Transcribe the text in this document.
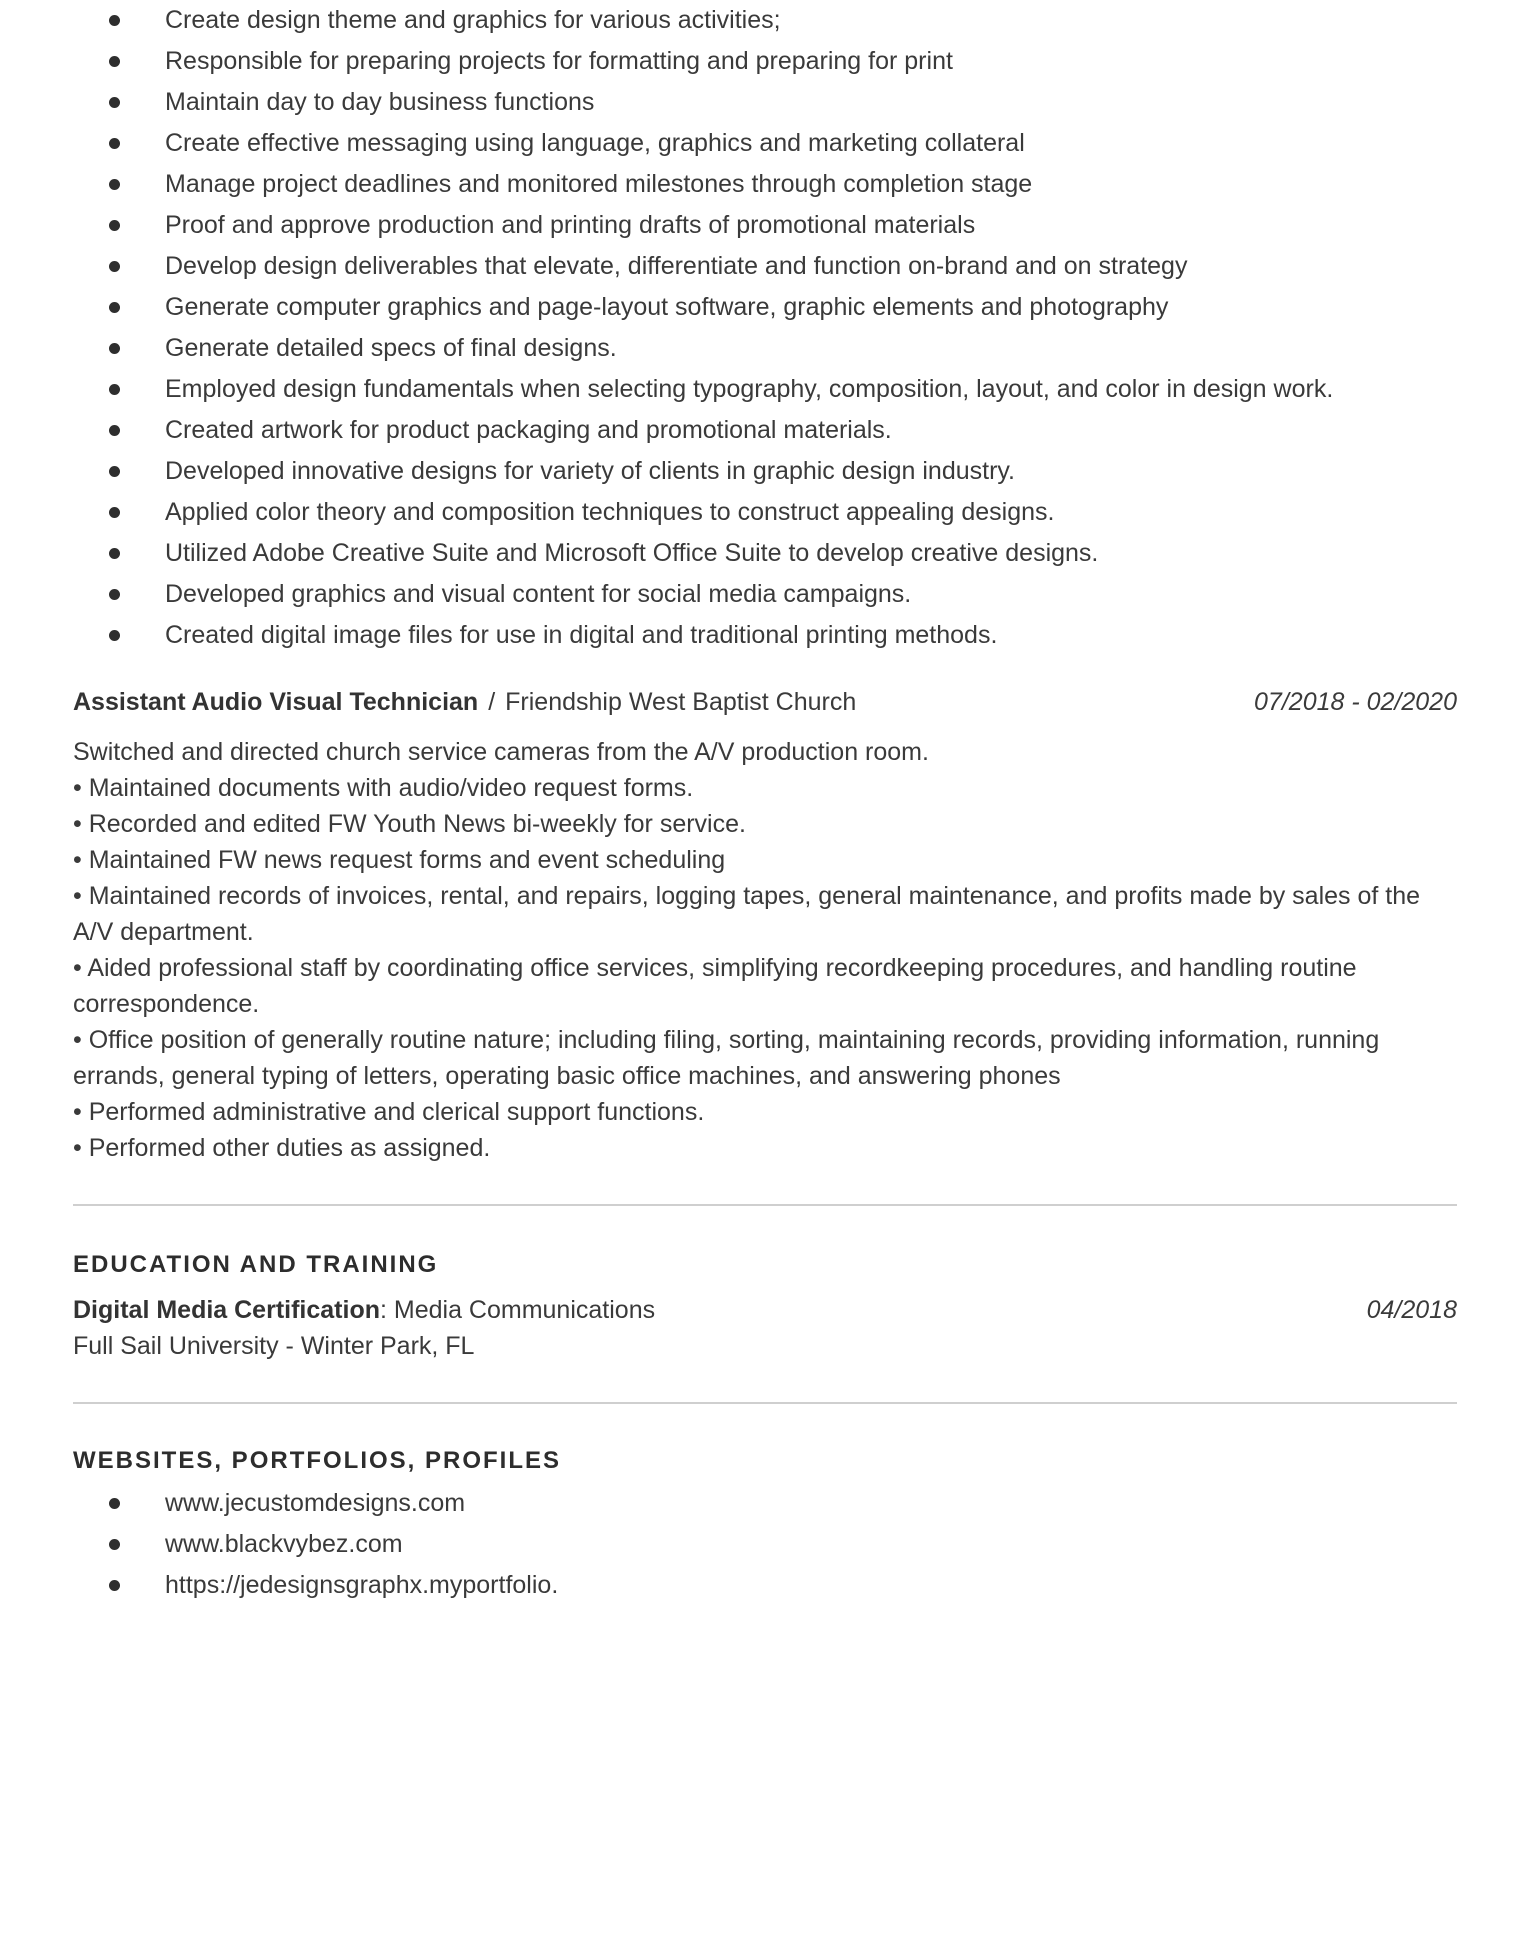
Create design theme and graphics for various activities;
Responsible for preparing projects for formatting and preparing for print
Maintain day to day business functions
Create effective messaging using language, graphics and marketing collateral
Manage project deadlines and monitored milestones through completion stage
Proof and approve production and printing drafts of promotional materials
Develop design deliverables that elevate, differentiate and function on-brand and on strategy
Generate computer graphics and page-layout software, graphic elements and photography
Generate detailed specs of final designs.
Employed design fundamentals when selecting typography, composition, layout, and color in design work.
Created artwork for product packaging and promotional materials.
Developed innovative designs for variety of clients in graphic design industry.
Applied color theory and composition techniques to construct appealing designs.
Utilized Adobe Creative Suite and Microsoft Office Suite to develop creative designs.
Developed graphics and visual content for social media campaigns.
Created digital image files for use in digital and traditional printing methods.
Assistant Audio Visual Technician / Friendship West Baptist Church	07/2018 - 02/2020
Switched and directed church service cameras from the A/V production room.
• Maintained documents with audio/video request forms.
• Recorded and edited FW Youth News bi-weekly for service.
• Maintained FW news request forms and event scheduling
• Maintained records of invoices, rental, and repairs, logging tapes, general maintenance, and profits made by sales of the A/V department.
• Aided professional staff by coordinating office services, simplifying recordkeeping procedures, and handling routine correspondence.
• Office position of generally routine nature; including filing, sorting, maintaining records, providing information, running errands, general typing of letters, operating basic office machines, and answering phones
• Performed administrative and clerical support functions.
• Performed other duties as assigned.
EDUCATION AND TRAINING
Digital Media Certification: Media Communications	04/2018
Full Sail University - Winter Park, FL
WEBSITES, PORTFOLIOS, PROFILES
www.jecustomdesigns.com
www.blackvybez.com
https://jedesignsgraphx.myportfolio.
